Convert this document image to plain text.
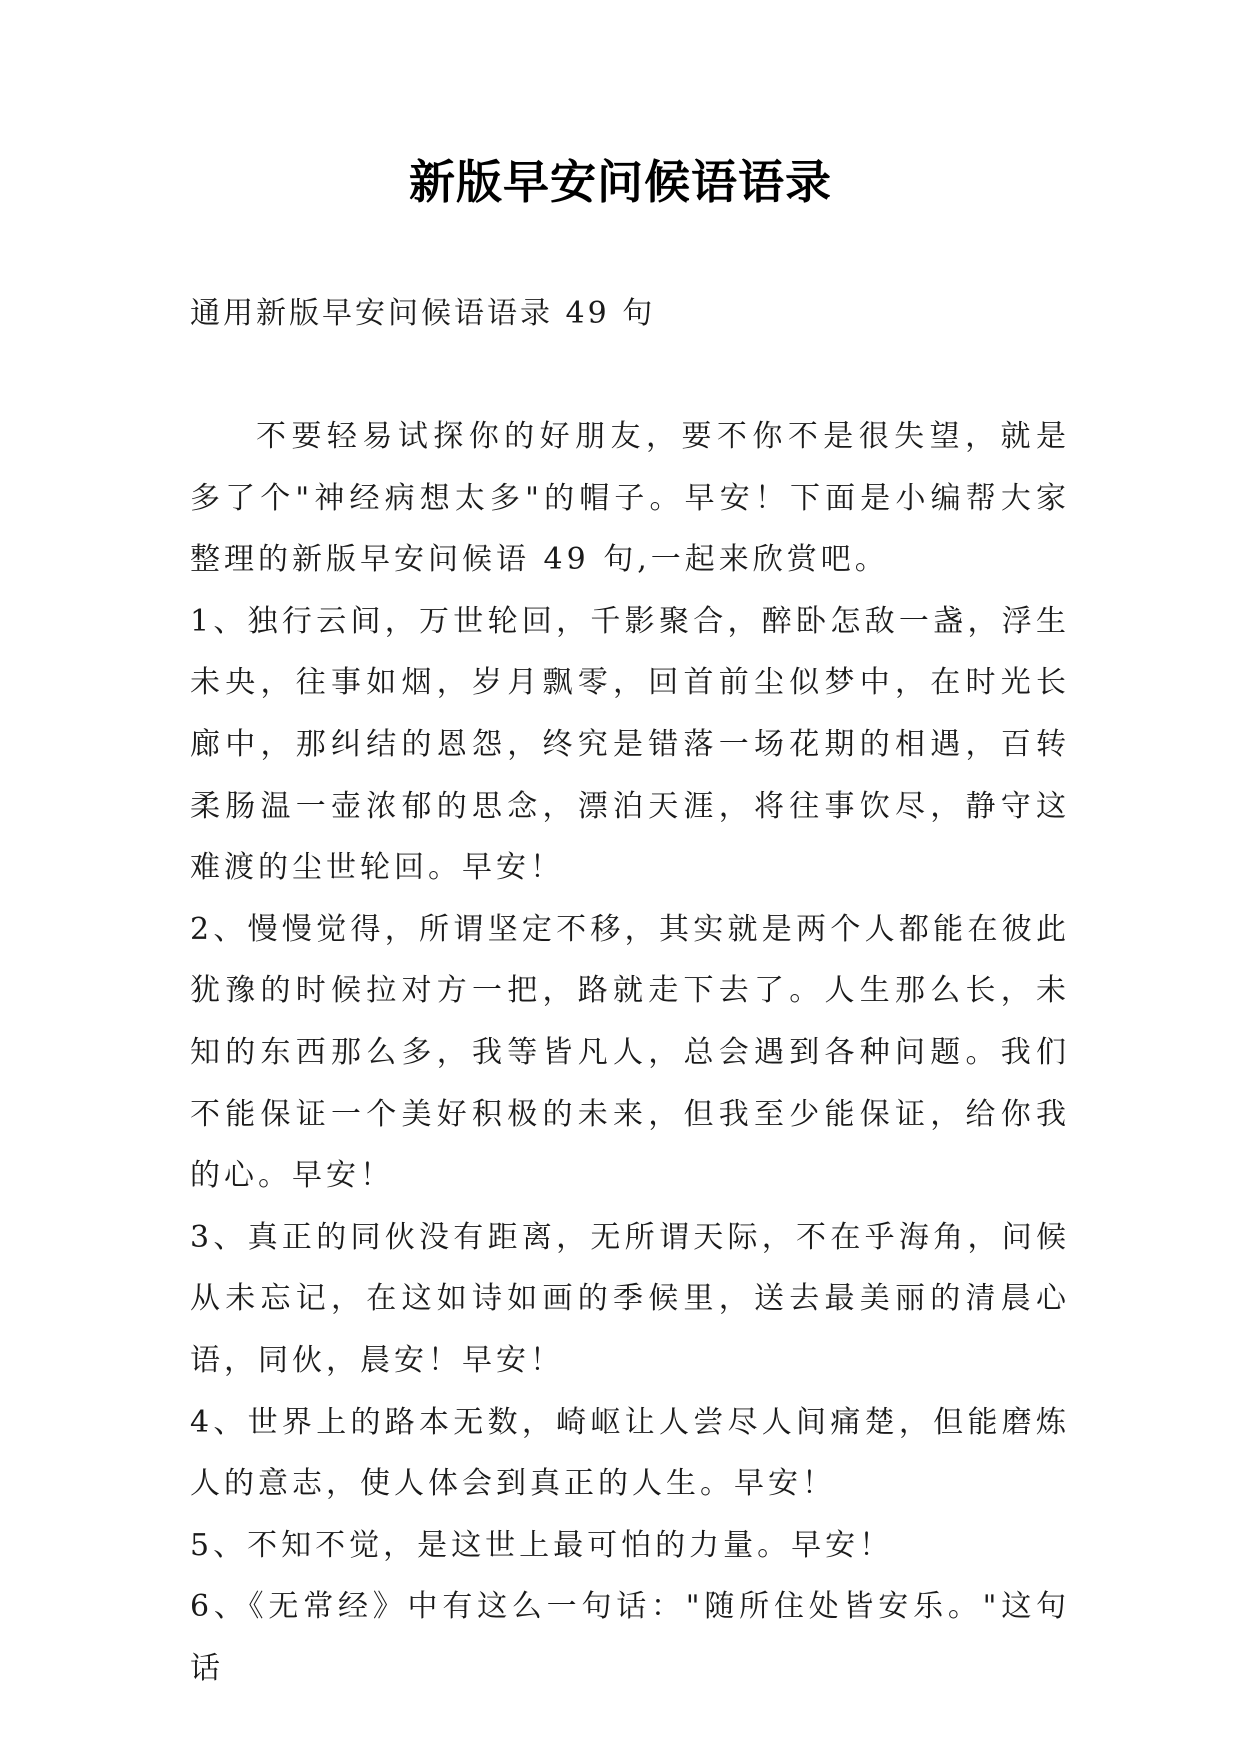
新版早安问候语语录
通用新版早安问候语语录 49 句

不要轻易试探你的好朋友，要不你不是很失望，就是多了个"神经病想太多"的帽子。早安！下面是小编帮大家整理的新版早安问候语 49 句,一起来欣赏吧。

1、独行云间，万世轮回，千影聚合，醉卧怎敌一盏，浮生未央，往事如烟，岁月飘零，回首前尘似梦中，在时光长廊中，那纠结的恩怨，终究是错落一场花期的相遇，百转柔肠温一壶浓郁的思念，漂泊天涯，将往事饮尽，静守这难渡的尘世轮回。早安！

2、慢慢觉得，所谓坚定不移，其实就是两个人都能在彼此犹豫的时候拉对方一把，路就走下去了。人生那么长，未知的东西那么多，我等皆凡人，总会遇到各种问题。我们不能保证一个美好积极的未来，但我至少能保证，给你我的心。早安！

3、真正的同伙没有距离，无所谓天际，不在乎海角，问候从未忘记，在这如诗如画的季候里，送去最美丽的清晨心语，同伙，晨安！早安！

4、世界上的路本无数，崎岖让人尝尽人间痛楚，但能磨炼人的意志，使人体会到真正的人生。早安！

5、不知不觉，是这世上最可怕的力量。早安！

6、《无常经》中有这么一句话："随所住处皆安乐。"这句话
